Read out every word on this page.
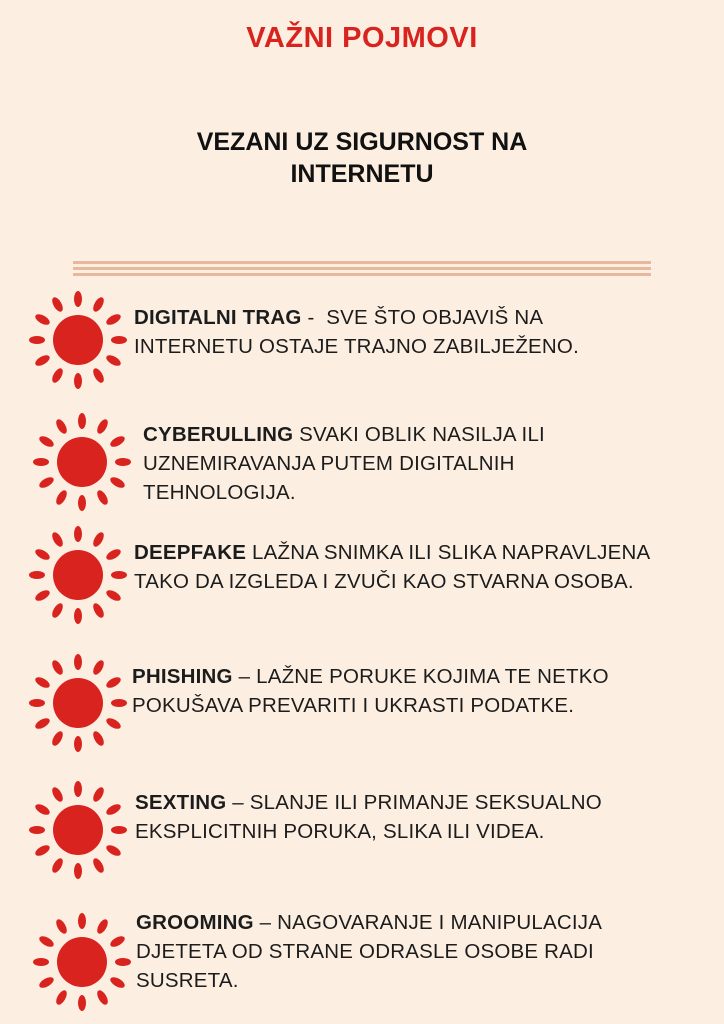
VAŽNI POJMOVI
VEZANI UZ SIGURNOST NA
INTERNETU
DIGITALNI TRAG -  SVE ŠTO OBJAVIŠ NA INTERNETU OSTAJE TRAJNO ZABILJEŽENO.
CYBERULLING SVAKI OBLIK NASILJA ILI UZNEMIRAVANJA PUTEM DIGITALNIH TEHNOLOGIJA.
DEEPFAKE LAŽNA SNIMKA ILI SLIKA NAPRAVLJENA TAKO DA IZGLEDA I ZVUČI KAO STVARNA OSOBA.
PHISHING – LAŽNE PORUKE KOJIMA TE NETKO POKUŠAVA PREVARITI I UKRASTI PODATKE.
SEXTING – SLANJE ILI PRIMANJE SEKSUALNO EKSPLICITNIH PORUKA, SLIKA ILI VIDEA.
GROOMING – NAGOVARANJE I MANIPULACIJA DJETETA OD STRANE ODRASLE OSOBE RADI SUSRETA.
